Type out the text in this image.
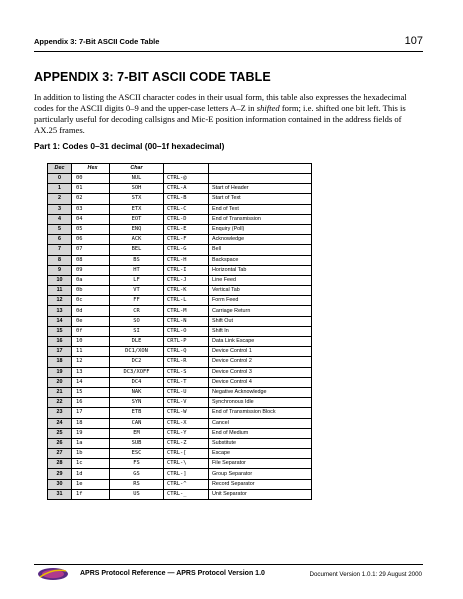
Appendix 3: 7-Bit ASCII Code Table	107
APPENDIX 3: 7-BIT ASCII CODE TABLE

In addition to listing the ASCII character codes in their usual form, this table also expresses the hexadecimal codes for the ASCII digits 0–9 and the upper-case letters A–Z in shifted form; i.e. shifted one bit left. This is particularly useful for decoding callsigns and Mic-E position information contained in the address fields of AX.25 frames.

Part 1: Codes 0–31 decimal (00–1f hexadecimal)
Dec	Hex	Char		
0	00	NUL	CTRL-@	
1	01	SOH	CTRL-A	Start of Header
2	02	STX	CTRL-B	Start of Text
3	03	ETX	CTRL-C	End of Text
4	04	EOT	CTRL-D	End of Transmission
5	05	ENQ	CTRL-E	Enquiry (Poll)
6	06	ACK	CTRL-F	Acknowledge
7	07	BEL	CTRL-G	Bell
8	08	BS	CTRL-H	Backspace
9	09	HT	CTRL-I	Horizontal Tab
10	0a	LF	CTRL-J	Line Feed
11	0b	VT	CTRL-K	Vertical Tab
12	0c	FF	CTRL-L	Form Feed
13	0d	CR	CTRL-M	Carriage Return
14	0e	SO	CTRL-N	Shift Out
15	0f	SI	CTRL-O	Shift In
16	10	DLE	CRTL-P	Data Link Escape
17	11	DC1/XON	CTRL-Q	Device Control 1
18	12	DC2	CTRL-R	Device Control 2
19	13	DC3/XOFF	CTRL-S	Device Control 3
20	14	DC4	CTRL-T	Device Control 4
21	15	NAK	CTRL-U	Negative Acknowledge
22	16	SYN	CTRL-V	Synchronous Idle
23	17	ETB	CTRL-W	End of Transmission Block
24	18	CAN	CTRL-X	Cancel
25	19	EM	CTRL-Y	End of Medium
26	1a	SUB	CTRL-Z	Substitute
27	1b	ESC	CTRL-[	Escape
28	1c	FS	CTRL-\	File Separator
29	1d	GS	CTRL-]	Group Separator
30	1e	RS	CTRL-^	Record Separator
31	1f	US	CTRL-_	Unit Separator
APRS Protocol Reference — APRS Protocol Version 1.0	Document Version 1.0.1: 29 August 2000
